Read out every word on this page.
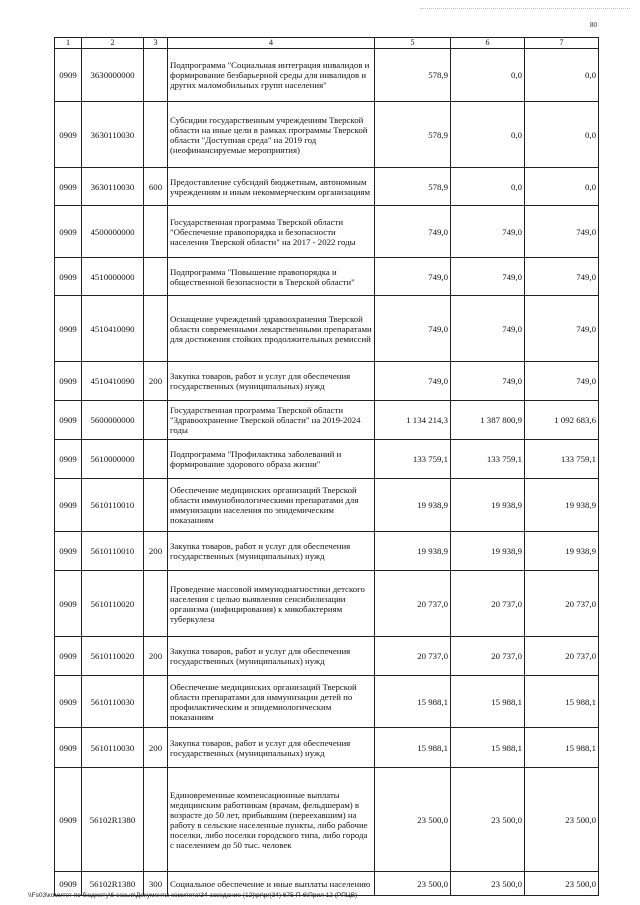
80
1	2	3	4	5	6	7
0909	3630000000		Подпрограмма "Социальная интеграция инвалидов и формирование безбарьерной среды для инвалидов и других маломобильных групп населения"	578,9	0,0	0,0
0909	3630110030		Субсидии государственным учреждениям Тверской области на иные цели в рамках программы Тверской области "Доступная среда" на 2019 год (неофинансируемые мероприятия)	578,9	0,0	0,0
0909	3630110030	600	Предоставление субсидий бюджетным, автономным учреждениям и иным некоммерческим организациям	578,9	0,0	0,0
0909	4500000000		Государственная программа Тверской области "Обеспечение правопорядка и безопасности населения Тверской области" на 2017 - 2022 годы	749,0	749,0	749,0
0909	4510000000		Подпрограмма "Повышение правопорядка и общественной безопасности в Тверской области"	749,0	749,0	749,0
0909	4510410090		Оснащение учреждений здравоохранения Тверской области современными лекарственными препаратами для достижения стойких продолжительных ремиссий	749,0	749,0	749,0
0909	4510410090	200	Закупка товаров, работ и услуг для обеспечения государственных (муниципальных) нужд	749,0	749,0	749,0
0909	5600000000		Государственная программа Тверской области "Здравоохранение Тверской области" на 2019-2024 годы	1 134 214,3	1 387 800,9	1 092 683,6
0909	5610000000		Подпрограмма "Профилактика заболеваний и формирование здорового образа жизни"	133 759,1	133 759,1	133 759,1
0909	5610110010		Обеспечение медицинских организаций Тверской области иммунобиологическими препаратами для иммунизации населения по эпидемическим показаниям	19 938,9	19 938,9	19 938,9
0909	5610110010	200	Закупка товаров, работ и услуг для обеспечения государственных (муниципальных) нужд	19 938,9	19 938,9	19 938,9
0909	5610110020		Проведение массовой иммунодиагностики детского населения с целью выявления сенсибилизации организма (инфицирования) к микобактериям туберкулеза	20 737,0	20 737,0	20 737,0
0909	5610110020	200	Закупка товаров, работ и услуг для обеспечения государственных (муниципальных) нужд	20 737,0	20 737,0	20 737,0
0909	5610110030		Обеспечение медицинских организаций Тверской области препаратами для иммунизации детей по профилактическим и эпидемиологическим показаниям	15 988,1	15 988,1	15 988,1
0909	5610110030	200	Закупка товаров, работ и услуг для обеспечения государственных (муниципальных) нужд	15 988,1	15 988,1	15 988,1
0909	56102R1380		Единовременные компенсационные выплаты медицинским работникам (врачам, фельдшерам) в возрасте до 50 лет, прибывшим (переехавшим) на работу в сельские населенные пункты, либо рабочие поселки, либо поселки городского типа, либо города с населением до 50 тыс. человек	23 500,0	23 500,0	23 500,0
0909	56102R1380	300	Социальное обеспечение и иные выплаты населению	23 500,0	23 500,0	23 500,0
\\Fs03\комитет по бюджету\6 созыв\Документы комитета\34 заседание (12)\pr\pr(34) 675-П-6\Прил 12 (РПЦВ)
